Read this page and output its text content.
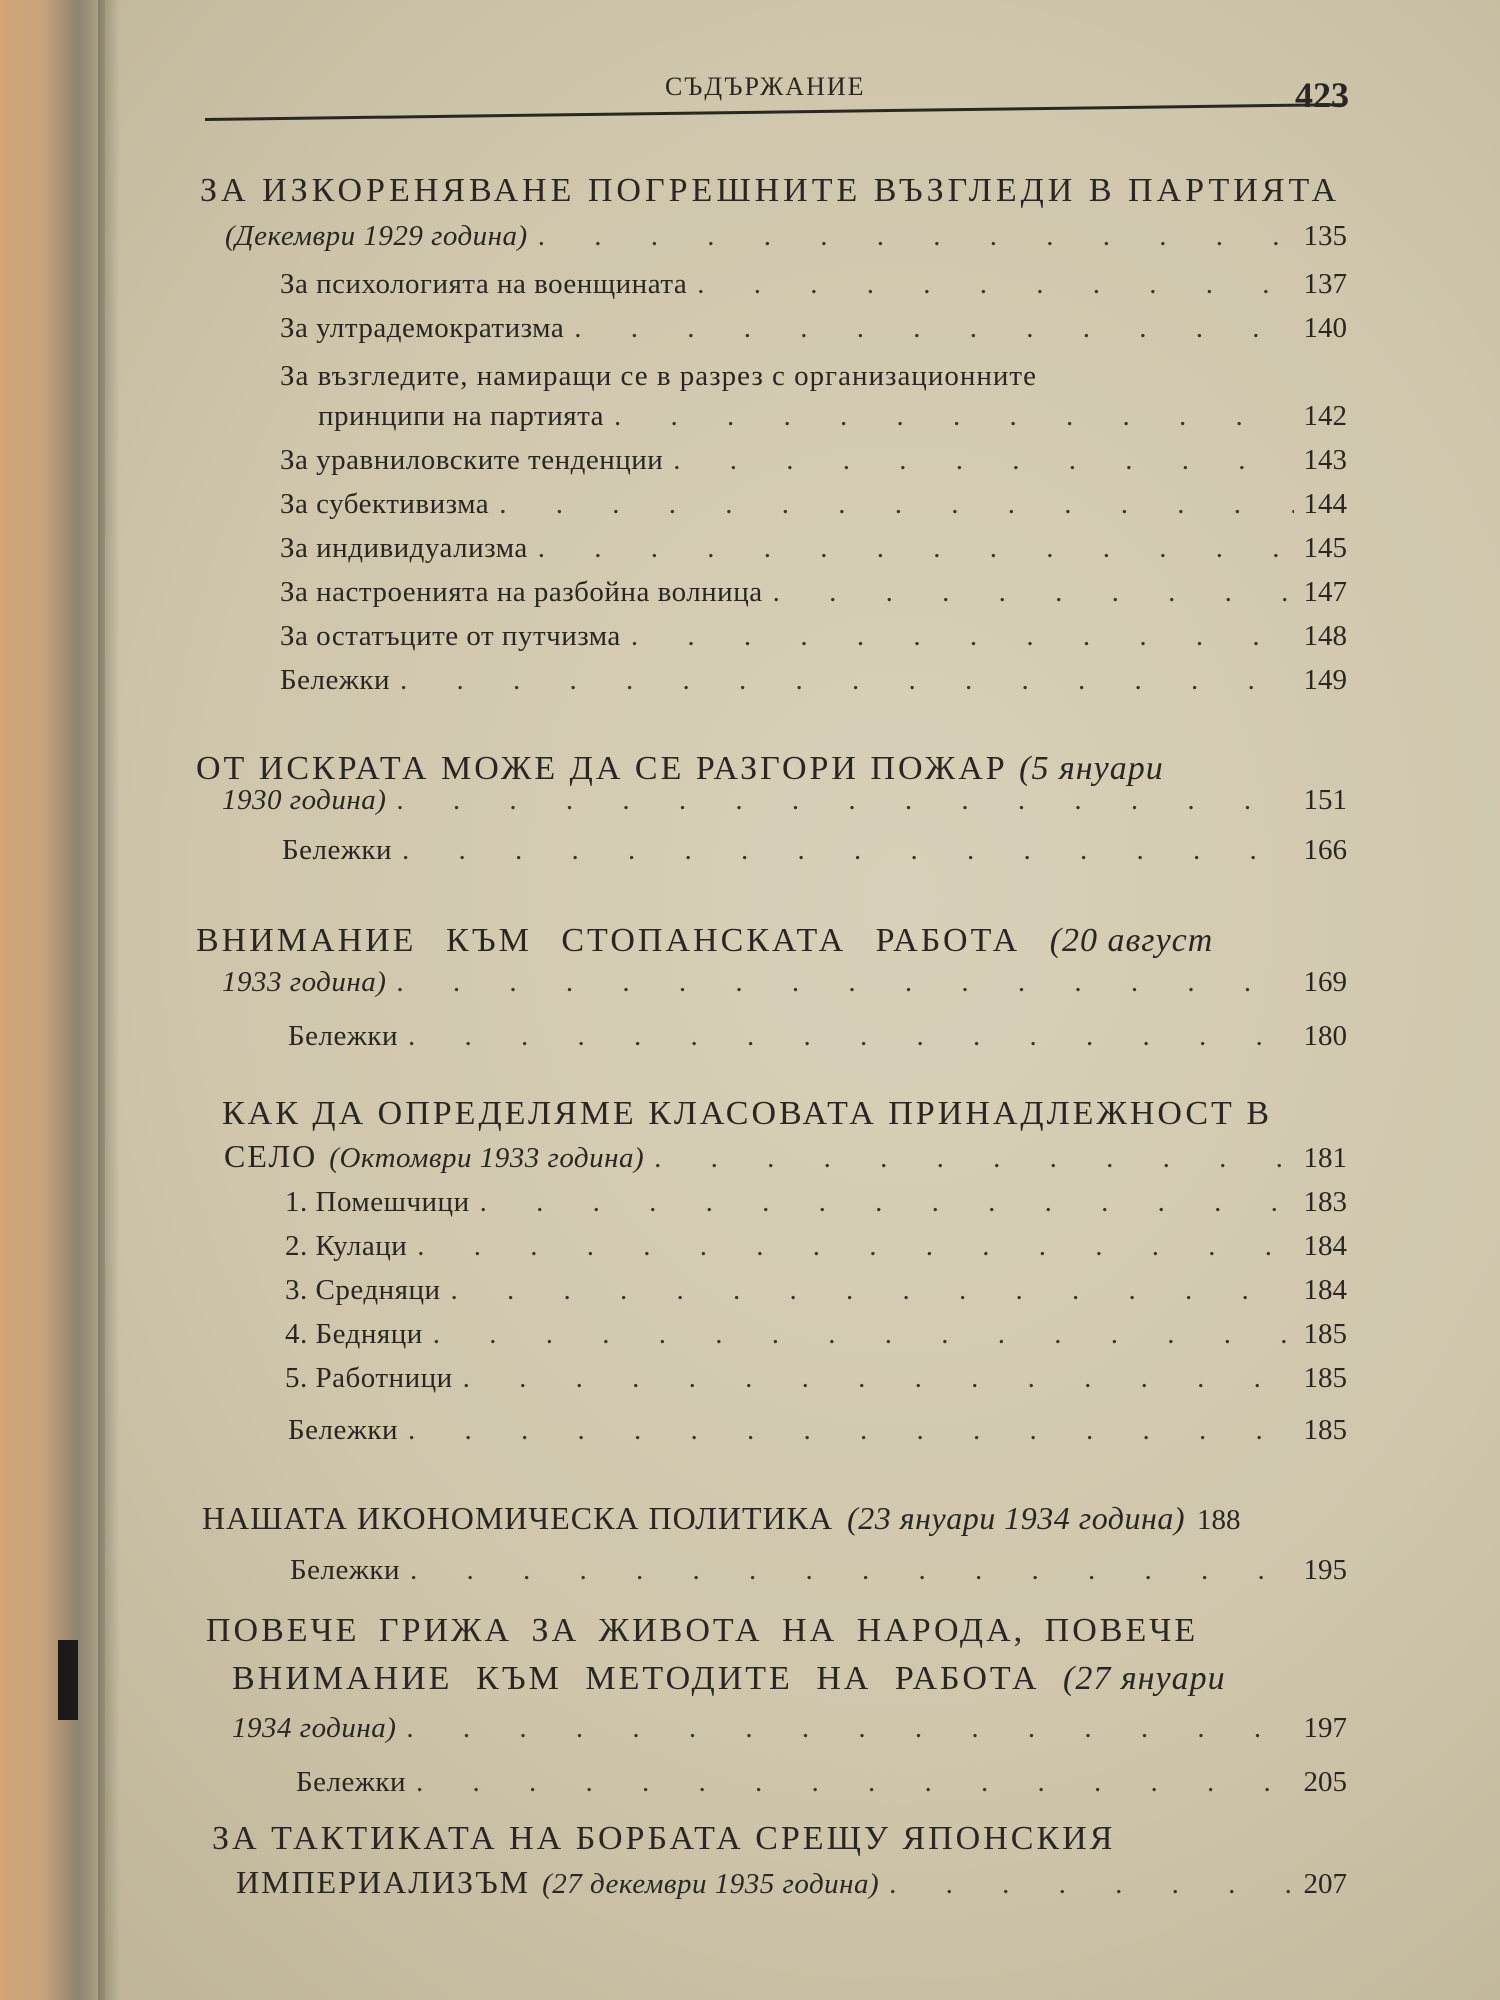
СЪДЪРЖАНИЕ	423
ЗА ИЗКОРЕНЯВАНЕ ПОГРЕШНИТЕ ВЪЗГЛЕДИ В ПАРТИЯТА
(Декември 1929 година) . . .	135
За психологията на военщината . . .	137
За ултрадемократизма . . .	140
За възгледите, намиращи се в разрез с организационните
принципи на партията . . .	142
За уравниловските тенденции . . .	143
За субективизма . . .	144
За индивидуализма . . .	145
За настроенията на разбойна волница . . .	147
За остатъците от путчизма . . .	148
Бележки . . .	149
ОТ ИСКРАТА МОЖЕ ДА СЕ РАЗГОРИ ПОЖАР (5 януари
1930 година) . . .	151
Бележки . . .	166
ВНИМАНИЕ КЪМ СТОПАНСКАТА РАБОТА (20 август
1933 година) . . .	169
Бележки . . .	180
КАК ДА ОПРЕДЕЛЯМЕ КЛАСОВАТА ПРИНАДЛЕЖНОСТ В
СЕЛО (Октомври 1933 година) . . .	181
1. Помешчици . . .	183
2. Кулаци . . .	184
3. Средняци . . .	184
4. Бедняци . . .	185
5. Работници . . .	185
Бележки . . .	185
НАШАТА ИКОНОМИЧЕСКА ПОЛИТИКА (23 януари 1934 година) 188
Бележки . . .	195
ПОВЕЧЕ ГРИЖА ЗА ЖИВОТА НА НАРОДА, ПОВЕЧЕ
ВНИМАНИЕ КЪМ МЕТОДИТЕ НА РАБОТА (27 януари
1934 година) . . .	197
Бележки . . .	205
ЗА ТАКТИКАТА НА БОРБАТА СРЕЩУ ЯПОНСКИЯ
ИМПЕРИАЛИЗЪМ (27 декември 1935 година) . . .	207
